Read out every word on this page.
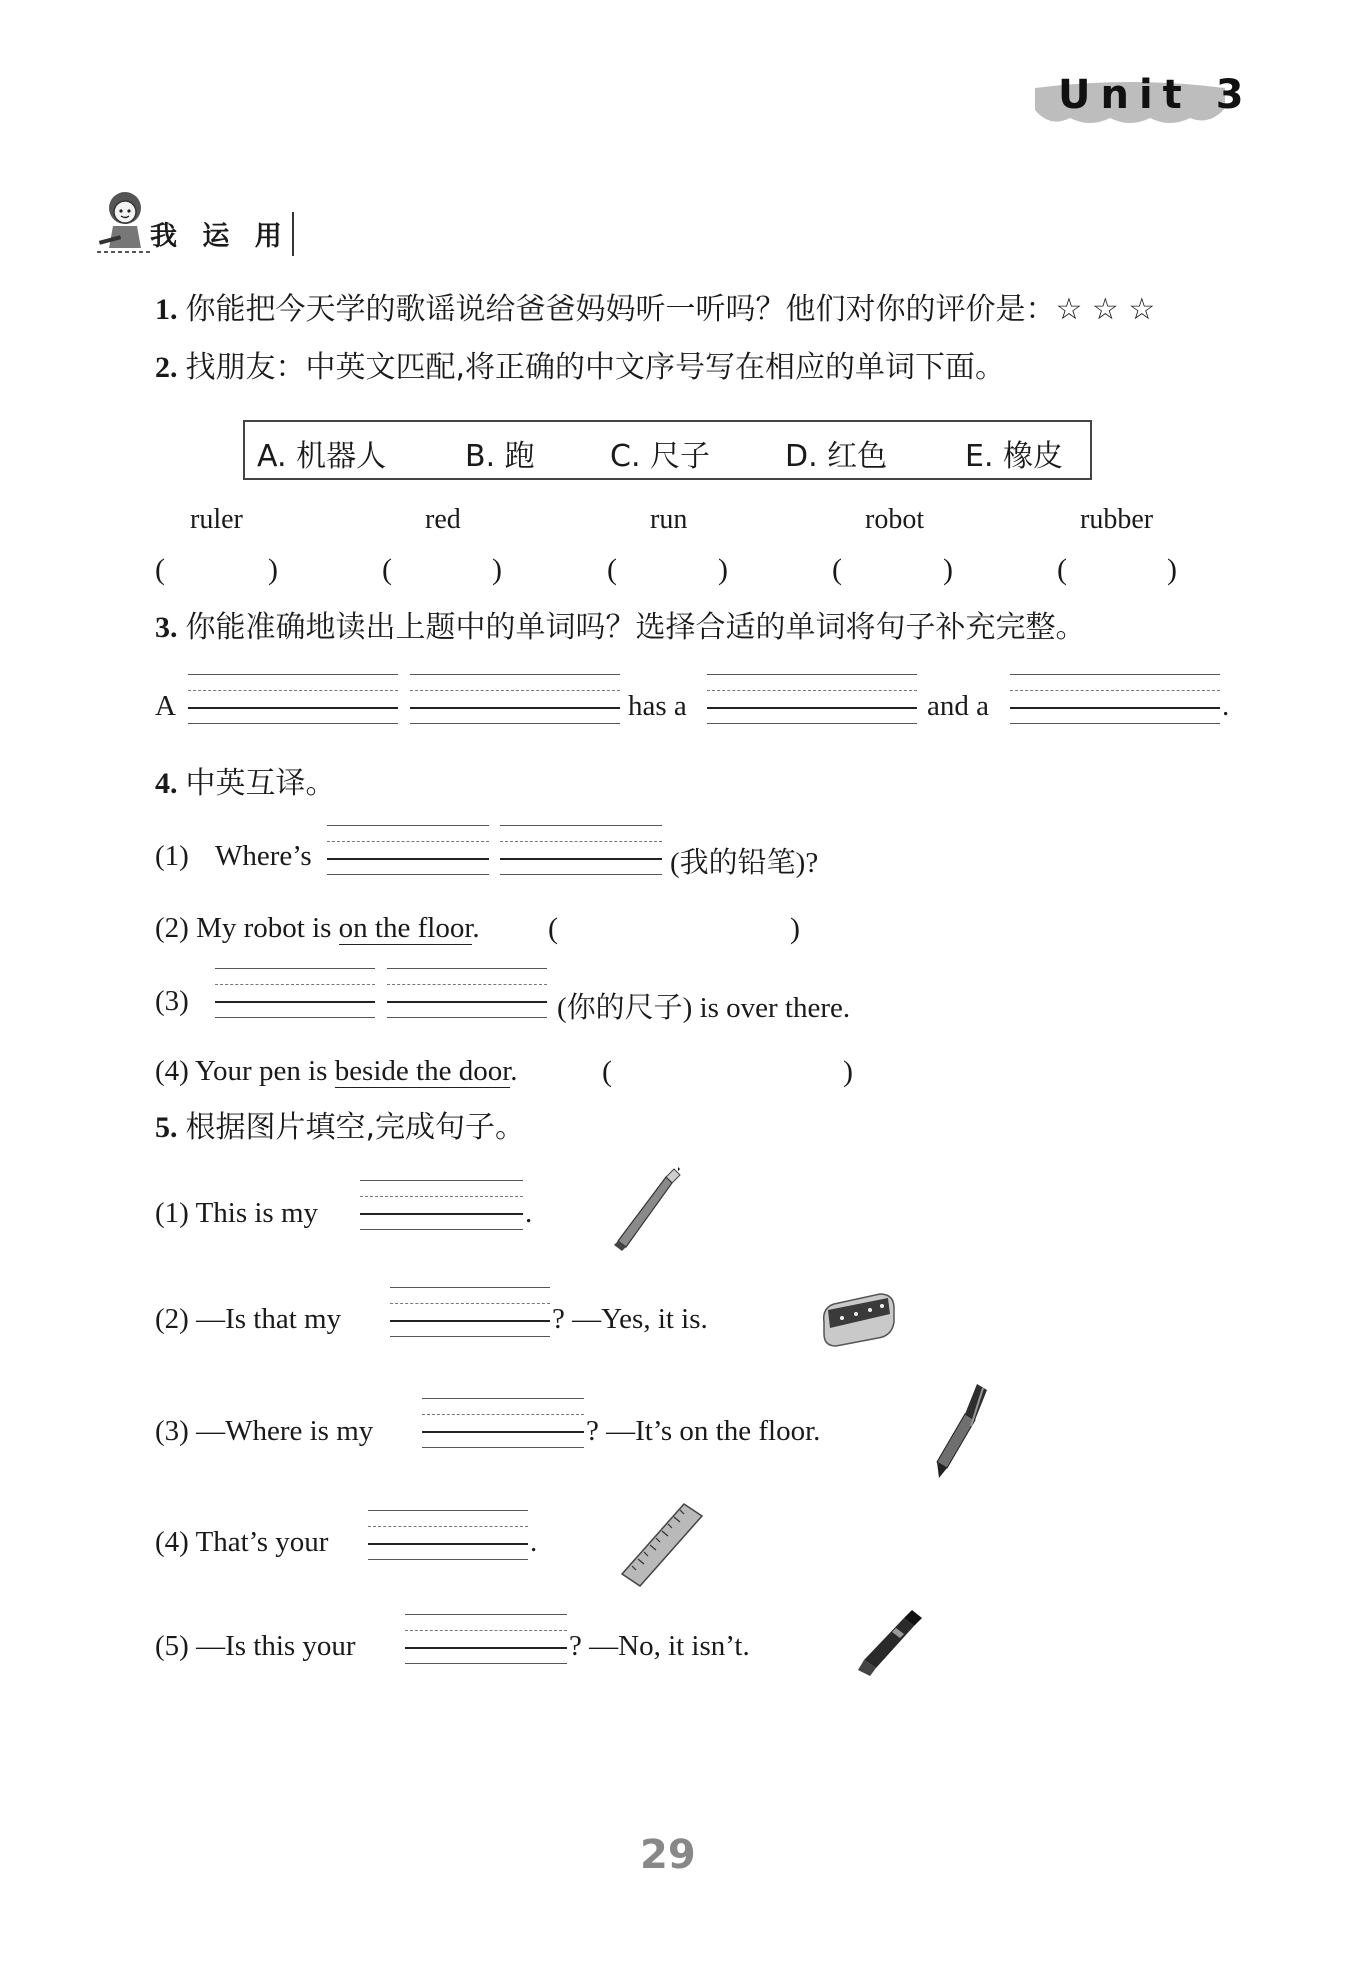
Unit 3
我 运 用
1. 你能把今天学的歌谣说给爸爸妈妈听一听吗？他们对你的评价是：☆ ☆ ☆
2. 找朋友：中英文匹配,将正确的中文序号写在相应的单词下面。
A. 机器人	B. 跑	C. 尺子 D. 红色	E. 橡皮
ruler	red	run	robot	rubber
(	)	(	)	(	)	(	)	(	)
3. 你能准确地读出上题中的单词吗？选择合适的单词将句子补充完整。
A	has a	and a	.
4. 中英互译。
(1) Where’s	(我的铅笔)?
(2) My robot is on the floor. (	)
(3)	(你的尺子) is over there.
(4) Your pen is beside the door.	(	)
5. 根据图片填空,完成句子。
(1) This is my	.
(2) —Is that my	? —Yes, it is.
(3) —Where is my	? —It’s on the floor.
(4) That’s your	.
(5) —Is this your	? —No, it isn’t.
29
